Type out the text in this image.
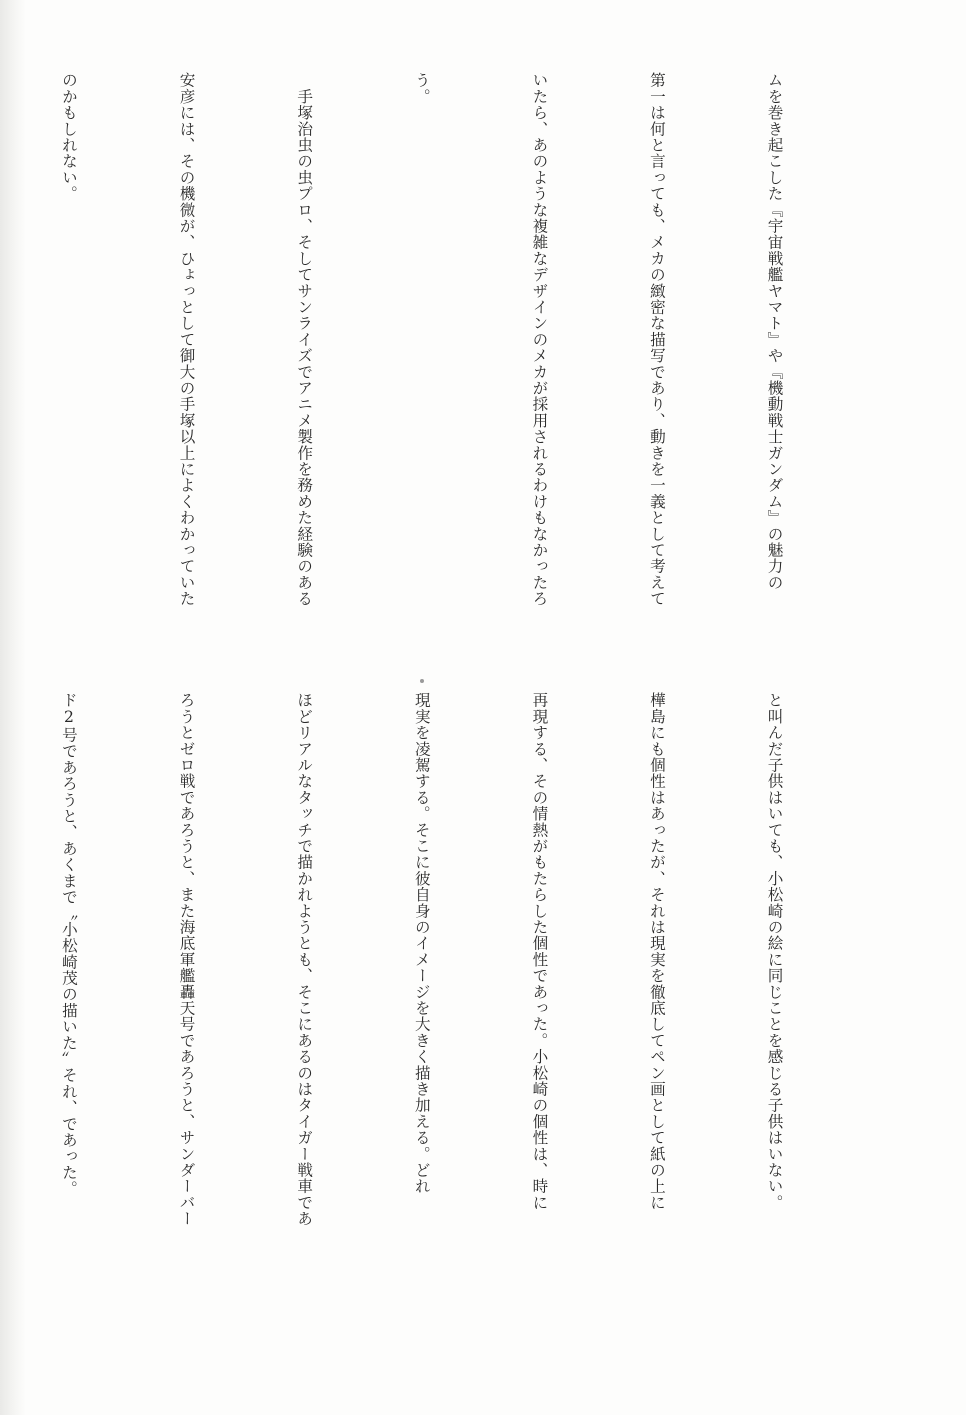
ムを巻き起こした『宇宙戦艦ヤマト』や『機動戦士ガンダム』の魅力の

第一は何と言っても、メカの緻密な描写であり、動きを一義として考えて

いたら、あのような複雑なデザインのメカが採用されるわけもなかったろ

う。

　手塚治虫の虫プロ、そしてサンライズでアニメ製作を務めた経験のある

安彦には、その機微が、ひょっとして御大の手塚以上によくわかっていた

のかもしれない。

と叫んだ子供はいても、小松崎の絵に同じことを感じる子供はいない。

樺島にも個性はあったが、それは現実を徹底してペン画として紙の上に

再現する、その情熱がもたらした個性であった。小松崎の個性は、時に

現実を凌駕する。そこに彼自身のイメージを大きく描き加える。どれ

ほどリアルなタッチで描かれようとも、そこにあるのはタイガー戦車であ

ろうとゼロ戦であろうと、また海底軍艦轟天号であろうと、サンダーバー

ド2号であろうと、あくまで〝小松崎茂の描いた〟それ、であった。
